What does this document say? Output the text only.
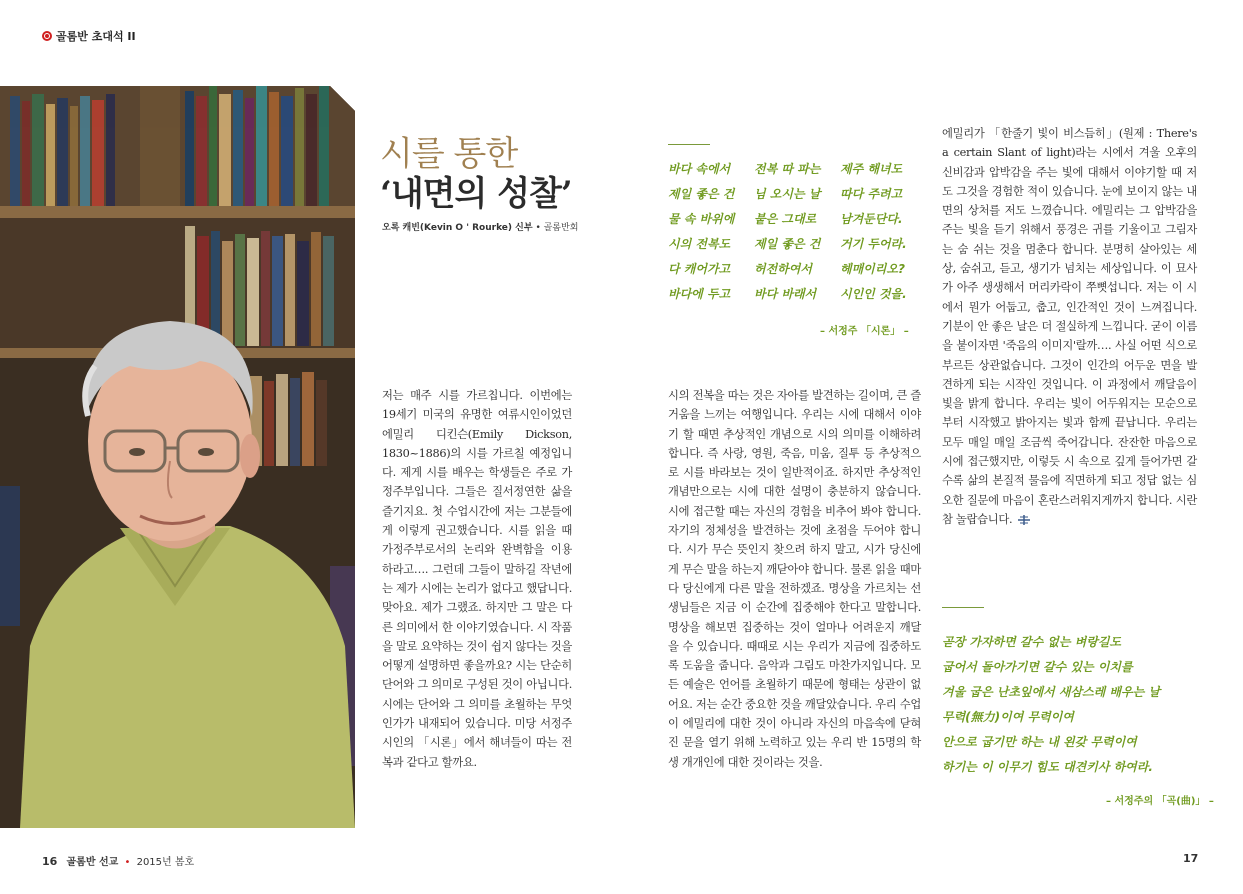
골롬반 초대석 II
시를 통한
‘내면의 성찰’
오록 캐빈(Kevin O ' Rourke) 신부 • 골롬반회
저는 매주 시를 가르칩니다. 이번에는 19세기 미국의 유명한 여류시인이었던 에밀리 디킨슨(Emily Dickson, 1830~1886)의 시를 가르칠 예정입니다. 제게 시를 배우는 학생들은 주로 가정주부입니다. 그들은 질서정연한 삶을 즐기지요. 첫 수업시간에 저는 그분들에게 이렇게 권고했습니다. 시를 읽을 때 가정주부로서의 논리와 완벽함을 이용하라고…. 그런데 그들이 말하길 작년에는 제가 시에는 논리가 없다고 했답니다. 맞아요. 제가 그랬죠. 하지만 그 말은 다른 의미에서 한 이야기였습니다. 시 작품을 말로 요약하는 것이 쉽지 않다는 것을 어떻게 설명하면 좋을까요? 시는 단순히 단어와 그 의미로 구성된 것이 아닙니다. 시에는 단어와 그 의미를 초월하는 무엇인가가 내재되어 있습니다. 미당 서정주 시인의 「시론」에서 해녀들이 따는 전복과 같다고 할까요.
바다 속에서	전복 따 파는	제주 해녀도
제일 좋은 건	님 오시는 날	따다 주려고
물 속 바위에	붙은 그대로	남겨둔단다.
시의 전복도	제일 좋은 건	거기 두어라.
다 캐어가고	허전하여서	헤매이리오?
바다에 두고	바다 바래서	시인인 것을.
– 서정주 「시론」 –
시의 전복을 따는 것은 자아를 발견하는 길이며, 큰 즐거움을 느끼는 여행입니다. 우리는 시에 대해서 이야기 할 때면 추상적인 개념으로 시의 의미를 이해하려 합니다. 즉 사랑, 영원, 죽음, 미움, 질투 등 추상적으로 시를 바라보는 것이 일반적이죠. 하지만 추상적인 개념만으로는 시에 대한 설명이 충분하지 않습니다. 시에 접근할 때는 자신의 경험을 비추어 봐야 합니다. 자기의 정체성을 발견하는 것에 초점을 두어야 합니다. 시가 무슨 뜻인지 찾으려 하지 말고, 시가 당신에게 무슨 말을 하는지 깨닫아야 합니다. 물론 읽을 때마다 당신에게 다른 말을 전하겠죠. 명상을 가르치는 선생님들은 지금 이 순간에 집중해야 한다고 말합니다. 명상을 해보면 집중하는 것이 얼마나 어려운지 깨달을 수 있습니다. 때때로 시는 우리가 지금에 집중하도록 도움을 줍니다. 음악과 그림도 마찬가지입니다. 모든 예술은 언어를 초월하기 때문에 형태는 상관이 없어요. 저는 순간 중요한 것을 깨달았습니다. 우리 수업이 에밀리에 대한 것이 아니라 자신의 마음속에 닫혀진 문을 열기 위해 노력하고 있는 우리 반 15명의 학생 개개인에 대한 것이라는 것을.
에밀리가 「한줄기 빛이 비스듬히」(원제 : There's a certain Slant of light)라는 시에서 겨울 오후의 신비감과 압박감을 주는 빛에 대해서 이야기할 때 저도 그것을 경험한 적이 있습니다. 눈에 보이지 않는 내면의 상처를 저도 느꼈습니다. 에밀리는 그 압박감을 주는 빛을 듣기 위해서 풍경은 귀를 기울이고 그림자는 숨 쉬는 것을 멈춘다 합니다. 분명히 살아있는 세상, 숨쉬고, 듣고, 생기가 넘치는 세상입니다. 이 묘사가 아주 생생해서 머리카락이 쭈뼛섭니다. 저는 이 시에서 뭔가 어둡고, 춥고, 인간적인 것이 느껴집니다. 기분이 안 좋은 날은 더 절실하게 느낍니다. 굳이 이름을 붙이자면 '죽음의 이미지'랄까…. 사실 어떤 식으로 부르든 상관없습니다. 그것이 인간의 어두운 면을 발견하게 되는 시작인 것입니다. 이 과정에서 깨달음이 빛을 밝게 합니다. 우리는 빛이 어두워지는 모순으로부터 시작했고 밝아지는 빛과 함께 끝납니다. 우리는 모두 매일 매일 조금씩 죽어갑니다. 잔잔한 마음으로 시에 접근했지만, 이렇듯 시 속으로 깊게 들어가면 갈수록 삶의 본질적 물음에 직면하게 되고 정답 없는 심오한 질문에 마음이 혼란스러워지게까지 합니다. 시란 참 놀랍습니다.
곧장 가자하면 갈수 없는 벼랑길도
굽어서 돌아가기면 갈수 있는 이치를
겨울 굽은 난초잎에서 새삼스레 배우는 날
무력(無力)이여 무력이여
안으로 굽기만 하는 내 왼갖 무력이여
하기는 이 이무기 힘도 대견키사 하여라.
– 서정주의 「곡(曲)」 –
16 골롬반 선교 • 2015년 봄호	17
